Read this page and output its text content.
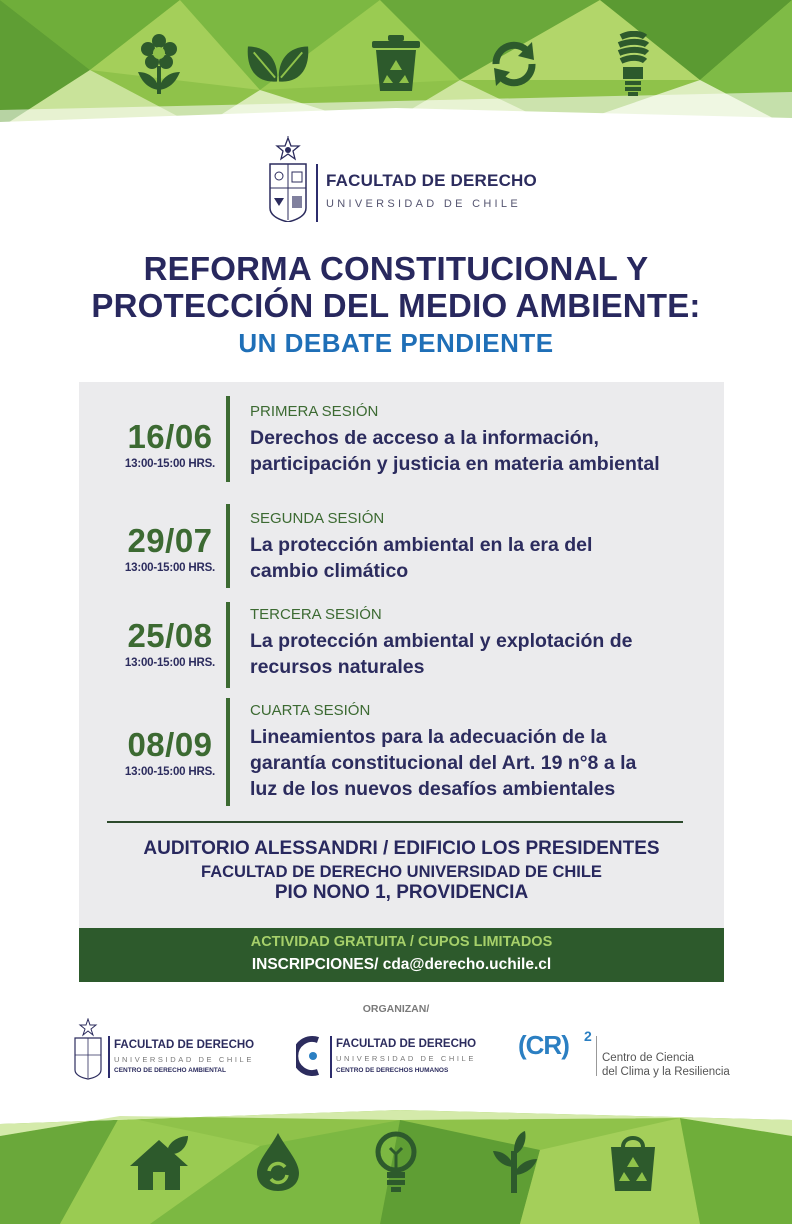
FACULTAD DE DERECHO
UNIVERSIDAD DE CHILE
REFORMA CONSTITUCIONAL Y
PROTECCIÓN DEL MEDIO AMBIENTE:
UN DEBATE PENDIENTE
16/06
13:00-15:00 HRS.
PRIMERA SESIÓN
Derechos de acceso a la información,
participación y justicia en materia ambiental
29/07
13:00-15:00 HRS.
SEGUNDA SESIÓN
La protección ambiental en la era del
cambio climático
25/08
13:00-15:00 HRS.
TERCERA SESIÓN
La protección ambiental y explotación de
recursos naturales
08/09
13:00-15:00 HRS.
CUARTA SESIÓN
Lineamientos para la adecuación de la
garantía constitucional del Art. 19 n°8 a la
luz de los nuevos desafíos ambientales
AUDITORIO ALESSANDRI / EDIFICIO LOS PRESIDENTES
FACULTAD DE DERECHO UNIVERSIDAD DE CHILE
PIO NONO 1, PROVIDENCIA
ACTIVIDAD GRATUITA / CUPOS LIMITADOS
INSCRIPCIONES/ cda@derecho.uchile.cl
ORGANIZAN/
FACULTAD DE DERECHO
UNIVERSIDAD DE CHILE
CENTRO DE DERECHO AMBIENTAL
FACULTAD DE DERECHO
UNIVERSIDAD DE CHILE
CENTRO DE DERECHOS HUMANOS
(CR) 2
Centro de Ciencia
del Clima y la Resiliencia
